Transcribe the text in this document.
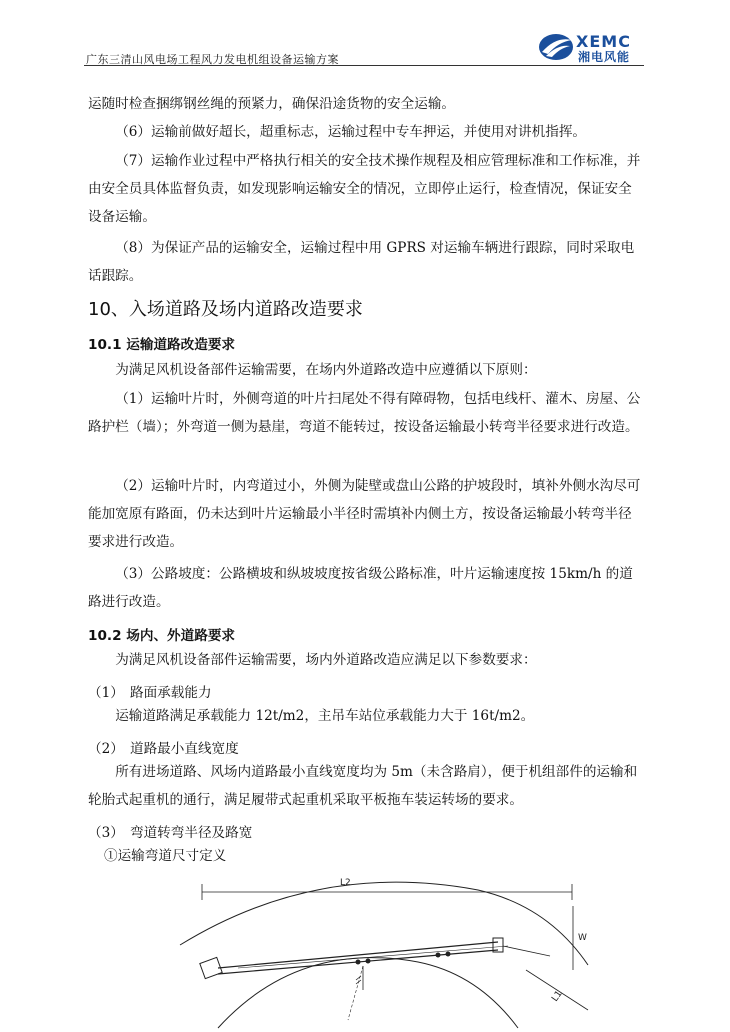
广东三清山风电场工程风力发电机组设备运输方案
XEMC
湘电风能
运随时检查捆绑钢丝绳的预紧力，确保沿途货物的安全运输。
（6）运输前做好超长，超重标志，运输过程中专车押运，并使用对讲机指挥。
（7）运输作业过程中严格执行相关的安全技术操作规程及相应管理标准和工作标准，并由安全员具体监督负责，如发现影响运输安全的情况，立即停止运行，检查情况，保证安全设备运输。
（8）为保证产品的运输安全，运输过程中用 GPRS 对运输车辆进行跟踪，同时采取电话跟踪。
10、入场道路及场内道路改造要求
10.1 运输道路改造要求
为满足风机设备部件运输需要，在场内外道路改造中应遵循以下原则：
（1）运输叶片时，外侧弯道的叶片扫尾处不得有障碍物，包括电线杆、灌木、房屋、公路护栏（墙）；外弯道一侧为悬崖，弯道不能转过，按设备运输最小转弯半径要求进行改造。
（2）运输叶片时，内弯道过小，外侧为陡壁或盘山公路的护坡段时，填补外侧水沟尽可能加宽原有路面，仍未达到叶片运输最小半径时需填补内侧土方，按设备运输最小转弯半径要求进行改造。
（3）公路坡度：公路横坡和纵坡坡度按省级公路标准，叶片运输速度按 15km/h 的道路进行改造。
10.2 场内、外道路要求
为满足风机设备部件运输需要，场内外道路改造应满足以下参数要求：
（1） 路面承载能力
运输道路满足承载能力 12t/m2，主吊车站位承载能力大于 16t/m2。
（2） 道路最小直线宽度
所有进场道路、风场内道路最小直线宽度均为 5m（未含路肩），便于机组部件的运输和轮胎式起重机的通行，满足履带式起重机采取平板拖车装运转场的要求。
（3） 弯道转弯半径及路宽
①运输弯道尺寸定义
L2
W
L1
